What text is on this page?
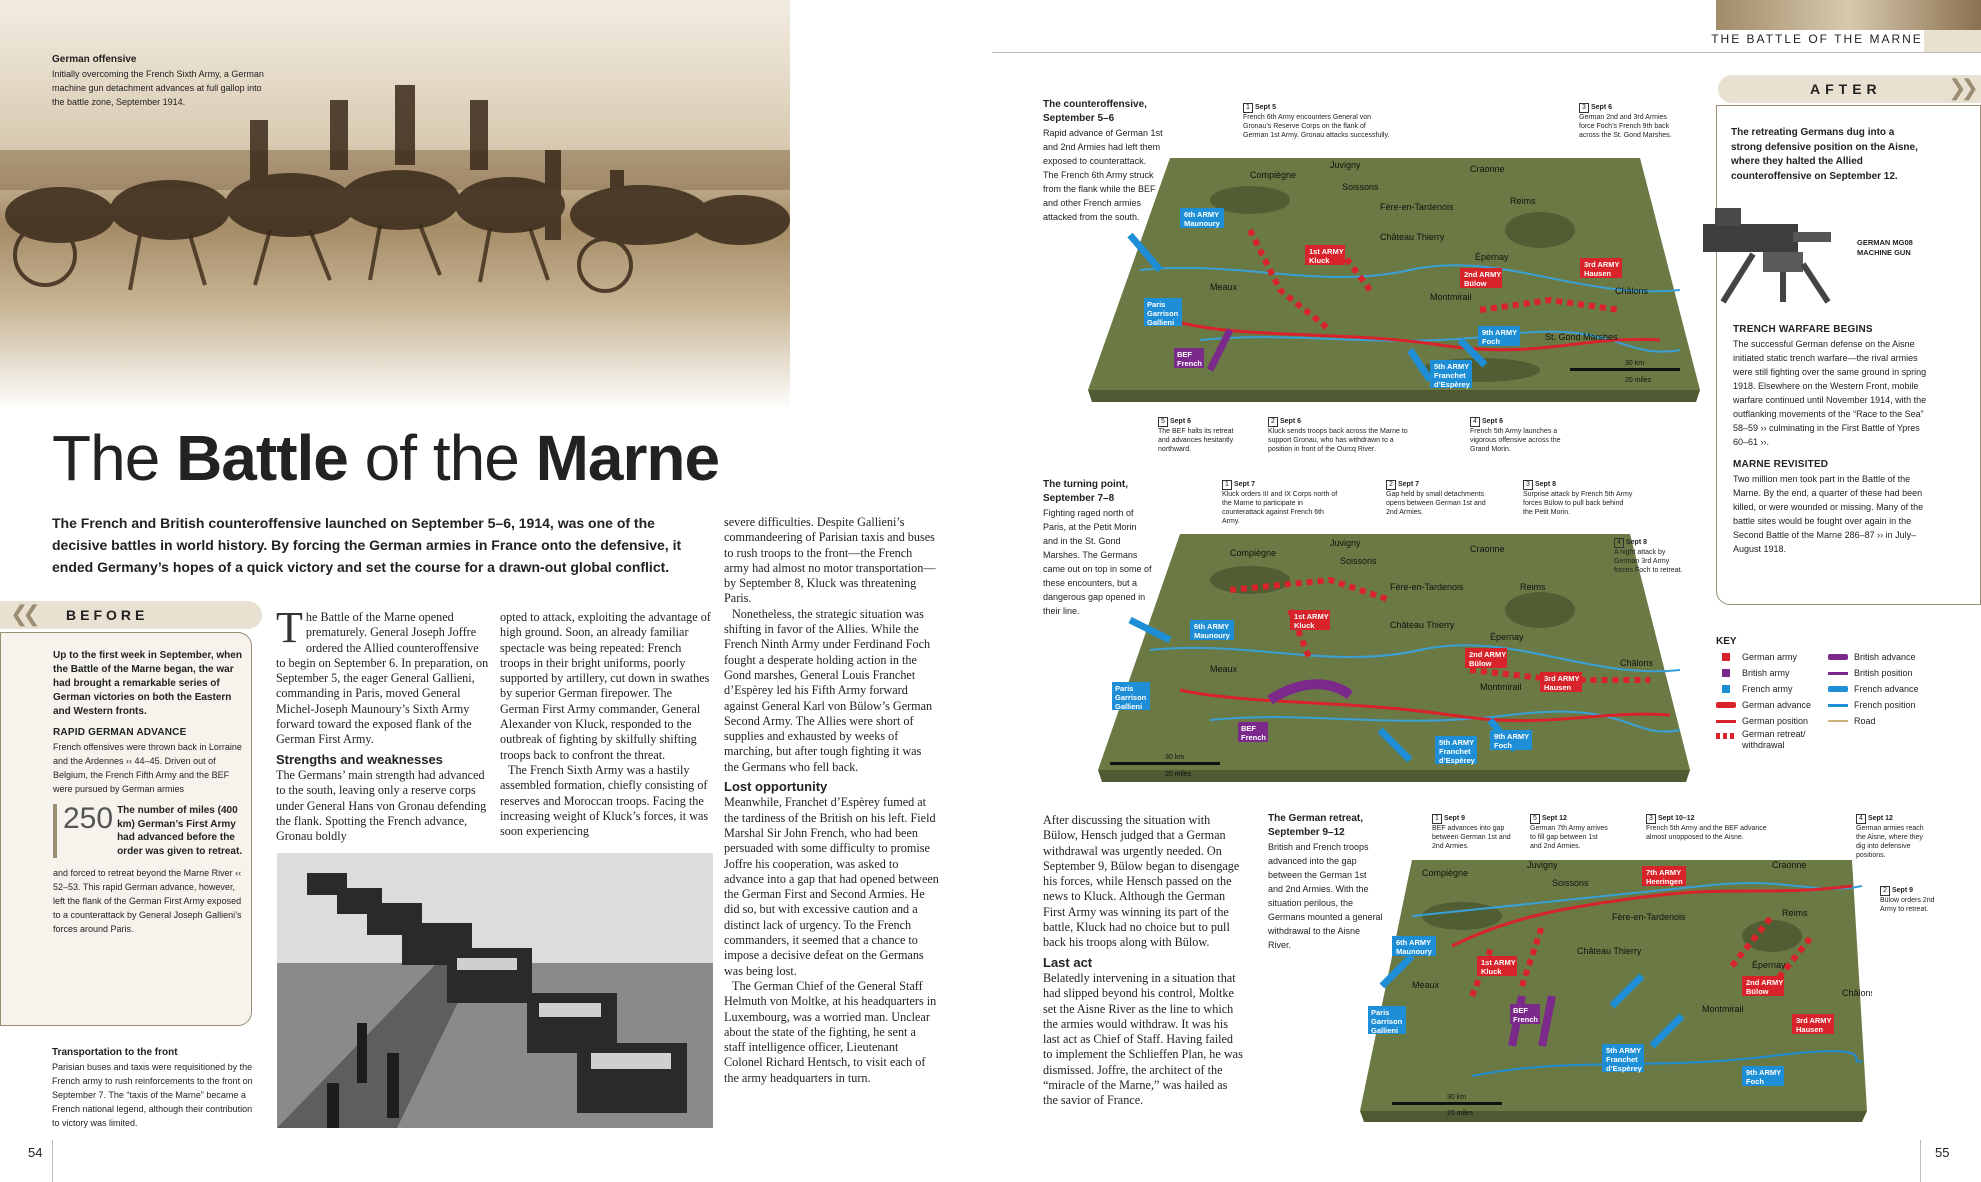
German offensive
Initially overcoming the French Sixth Army, a German machine gun detachment advances at full gallop into the battle zone, September 1914.
The Battle of the Marne
The French and British counteroffensive launched on September 5–6, 1914, was one of the decisive battles in world history. By forcing the German armies in France onto the defensive, it ended Germany’s hopes of a quick victory and set the course for a drawn-out global conflict.
❮❮ BEFORE

Up to the first week in September, when the Battle of the Marne began, the war had brought a remarkable series of German victories on both the Eastern and Western fronts.

RAPID GERMAN ADVANCE

French offensives were thrown back in Lorraine and the Ardennes ‹‹ 44–45. Driven out of Belgium, the French Fifth Army and the BEF were pursued by German armies

250 The number of miles (400 km) German’s First Army had advanced before the order was given to retreat.

and forced to retreat beyond the Marne River ‹‹ 52–53. This rapid German advance, however, left the flank of the German First Army exposed to a counterattack by General Joseph Gallieni’s forces around Paris.

Transportation to the front
Parisian buses and taxis were requisitioned by the French army to rush reinforcements to the front on September 7. The “taxis of the Marne” became a French national legend, although their contribution to victory was limited.
54

The Battle of the Marne opened prematurely. General Joseph Joffre ordered the Allied counteroffensive to begin on September 6. In preparation, on September 5, the eager General Gallieni, commanding in Paris, moved General Michel-Joseph Maunoury’s Sixth Army forward toward the exposed flank of the German First Army.

Strengths and weaknesses

The Germans’ main strength had advanced to the south, leaving only a reserve corps under General Hans von Gronau defending the flank. Spotting the French advance, Gronau boldly

opted to attack, exploiting the advantage of high ground. Soon, an already familiar spectacle was being repeated: French troops in their bright uniforms, poorly supported by artillery, cut down in swathes by superior German firepower. The German First Army commander, General Alexander von Kluck, responded to the outbreak of fighting by skilfully shifting troops back to confront the threat.

The French Sixth Army was a hastily assembled formation, chiefly consisting of reserves and Moroccan troops. Facing the increasing weight of Kluck’s forces, it was soon experiencing

severe difficulties. Despite Gallieni’s commandeering of Parisian taxis and buses to rush troops to the front—the French army had almost no motor transportation—by September 8, Kluck was threatening Paris.

Nonetheless, the strategic situation was shifting in favor of the Allies. While the French Ninth Army under Ferdinand Foch fought a desperate holding action in the Gond marshes, General Louis Franchet d’Espèrey led his Fifth Army forward against General Karl von Bülow’s German Second Army. The Allies were short of supplies and exhausted by weeks of marching, but after tough fighting it was the Germans who fell back.

Lost opportunity

Meanwhile, Franchet d’Espèrey fumed at the tardiness of the British on his left. Field Marshal Sir John French, who had been persuaded with some difficulty to promise Joffre his cooperation, was asked to advance into a gap that had opened between the German First and Second Armies. He did so, but with excessive caution and a distinct lack of urgency. To the French commanders, it seemed that a chance to impose a decisive defeat on the Germans was being lost.

The German Chief of the General Staff Helmuth von Moltke, at his headquarters in Luxembourg, was a worried man. Unclear about the state of the fighting, he sent a staff intelligence officer, Lieutenant Colonel Richard Hentsch, to visit each of the army headquarters in turn.

THE BATTLE OF THE MARNE
AFTER	❯❯

The retreating Germans dug into a strong defensive position on the Aisne, where they halted the Allied counteroffensive on September 12.

GERMAN MG08 MACHINE GUN
TRENCH WARFARE BEGINS

The successful German defense on the Aisne initiated static trench warfare—the rival armies were still fighting over the same ground in spring 1918. Elsewhere on the Western Front, mobile warfare continued until November 1914, with the outflanking movements of the “Race to the Sea” 58–59 ›› culminating in the First Battle of Ypres 60–61 ››.

MARNE REVISITED

Two million men took part in the Battle of the Marne. By the end, a quarter of these had been killed, or were wounded or missing. Many of the battle sites would be fought over again in the Second Battle of the Marne 286–87 ›› in July–August 1918.

KEY
German army
British army
French army
German advance
German position
German retreat/ withdrawal
British advance
British position
French advance
French position
Road
The counteroffensive, September 5–6
Rapid advance of German 1st and 2nd Armies had left them exposed to counterattack. The French 6th Army struck from the flank while the BEF and other French armies attacked from the south.
Compiègne
Juvigny
Soissons
Craonne
Reims
Fère-en-Tardenois
Château Thierry
Épernay
Meaux
Montmirail
Châlons
St. Gond Marshes
6th ARMY
Maunoury
1st ARMY
Kluck
2nd ARMY
Bülow
3rd ARMY
Hausen
9th ARMY
Foch
5th ARMY
Franchet
d’Espèrey
Paris
Garrison
Gallieni
BEF
French	30 km
20 miles
1 Sept 5
French 6th Army encounters General von Gronau’s Reserve Corps on the flank of German 1st Army. Gronau attacks successfully.
3 Sept 6
German 2nd and 3rd Armies force Foch’s French 9th back across the St. Gond Marshes.
5 Sept 6
The BEF halts its retreat and advances hesitantly northward.
2 Sept 6
Kluck sends troops back across the Marne to support Gronau, who has withdrawn to a position in front of the Ourcq River.
4 Sept 6
French 5th Army launches a vigorous offensive across the Grand Morin.
The turning point, September 7–8
Fighting raged north of Paris, at the Petit Morin and in the St. Gond Marshes. The Germans came out on top in some of these encounters, but a dangerous gap opened in their line.
Compiègne
Juvigny
Soissons
Craonne
Reims
Fère-en-Tardenois
Château Thierry
Épernay
Meaux
Montmirail
Châlons
6th ARMY
Maunoury
1st ARMY
Kluck
2nd ARMY
Bülow
3rd ARMY
Hausen
9th ARMY
Foch
5th ARMY
Franchet
d’Espèrey
Paris
Garrison
Gallieni
BEF
French
30 km
20 miles
1 Sept 7
Kluck orders III and IX Corps north of the Marne to participate in counterattack against French 6th Army.
2 Sept 7
Gap held by small detachments opens between German 1st and 2nd Armies.
3 Sept 8
Surprise attack by French 5th Army forces Bülow to pull back behind the Petit Morin.
4 Sept 8
A night attack by German 3rd Army forces Foch to retreat.

After discussing the situation with Bülow, Hensch judged that a German withdrawal was urgently needed. On September 9, Bülow began to disengage his forces, while Hensch passed on the news to Kluck. Although the German First Army was winning its part of the battle, Kluck had no choice but to pull back his troops along with Bülow.

Last act

Belatedly intervening in a situation that had slipped beyond his control, Moltke set the Aisne River as the line to which the armies would withdraw. It was his last act as Chief of Staff. Having failed to implement the Schlieffen Plan, he was dismissed. Joffre, the architect of the “miracle of the Marne,” was hailed as the savior of France.

The German retreat, September 9–12
British and French troops advanced into the gap between the German 1st and 2nd Armies. With the situation perilous, the Germans mounted a general withdrawal to the Aisne River.
Compiègne
Juvigny
Soissons
Craonne
Reims
Fère-en-Tardenois
Château Thierry
Épernay
Meaux
Montmirail
Châlons
6th ARMY
Maunoury
1st ARMY
Kluck
7th ARMY
Heeringen
2nd ARMY
Bülow
3rd ARMY
Hausen
9th ARMY
Foch
5th ARMY
Franchet
d’Espèrey
Paris
Garrison
Gallieni
BEF
French
30 km
20 miles
1 Sept 9
BEF advances into gap between German 1st and 2nd Armies.
5 Sept 12
German 7th Army arrives to fill gap between 1st and 2nd Armies.
3 Sept 10–12
French 5th Army and the BEF advance almost unopposed to the Aisne.
4 Sept 12
German armies reach the Aisne, where they dig into defensive positions.
2 Sept 9
Bülow orders 2nd Army to retreat.
55
